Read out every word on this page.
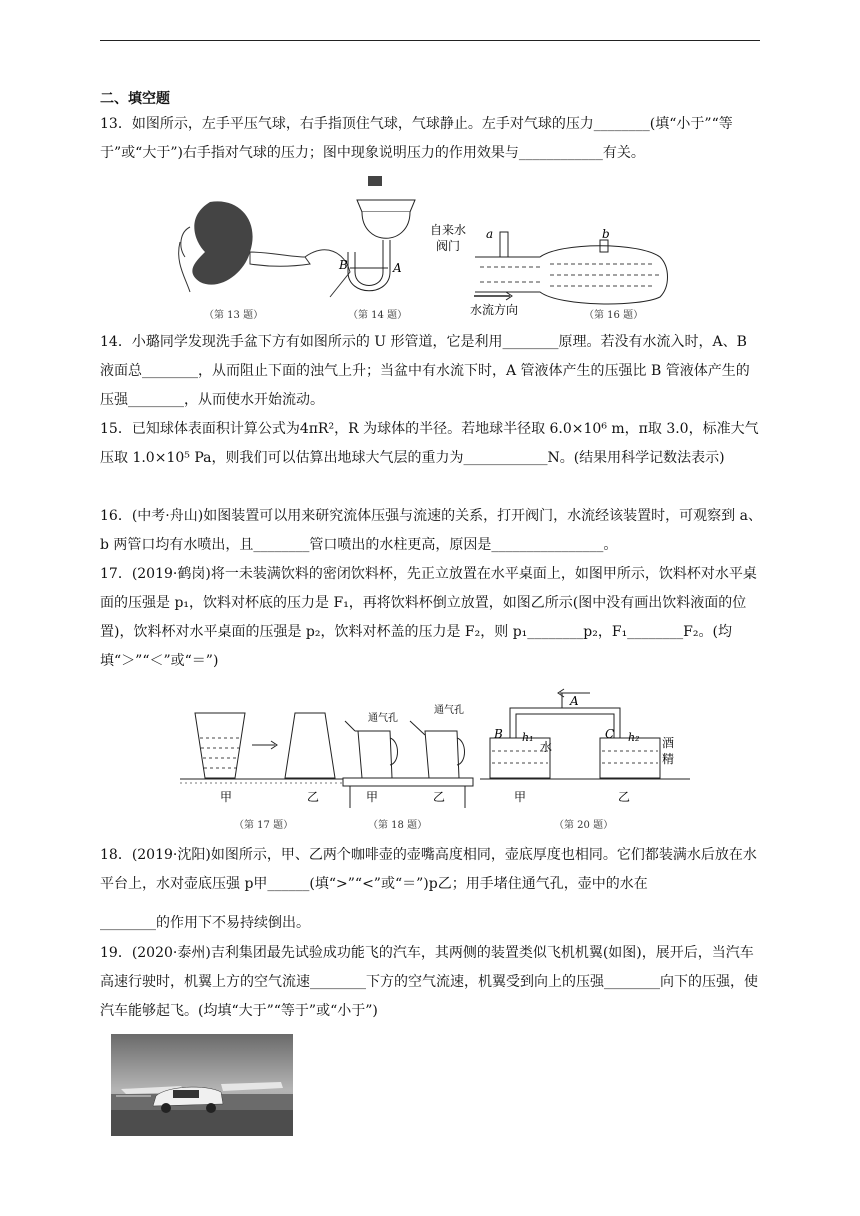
二、填空题
13．如图所示，左手平压气球，右手指顶住气球，气球静止。左手对气球的压力________(填“小于”“等于”或“大于”)右手指对气球的压力；图中现象说明压力的作用效果与____________有关。
B	A
自来水
阀门
a	b
水流方向
（第 13 题）	（第 14 题）	（第 16 题）
14．小璐同学发现洗手盆下方有如图所示的 U 形管道，它是利用________原理。若没有水流入时，A、B 液面总________，从而阻止下面的浊气上升；当盆中有水流下时，A 管液体产生的压强比 B 管液体产生的压强________，从而使水开始流动。
15．已知球体表面积计算公式为4πR²，R 为球体的半径。若地球半径取 6.0×10⁶ m，π取 3.0，标准大气压取 1.0×10⁵ Pa，则我们可以估算出地球大气层的重力为____________N。(结果用科学记数法表示)
16．(中考·舟山)如图装置可以用来研究流体压强与流速的关系，打开阀门，水流经该装置时，可观察到 a、b 两管口均有水喷出，且________管口喷出的水柱更高，原因是________________。
17．(2019·鹤岗)将一未装满饮料的密闭饮料杯，先正立放置在水平桌面上，如图甲所示，饮料杯对水平桌面的压强是 p₁，饮料对杯底的压力是 F₁，再将饮料杯倒立放置，如图乙所示(图中没有画出饮料液面的位置)，饮料杯对水平桌面的压强是 p₂，饮料对杯盖的压力是 F₂，则 p₁________p₂，F₁________F₂。(均填“＞”“＜”或“＝”)
甲	乙
通气孔
通气孔
甲	乙
A
B	C
h₁	h₂
水	酒
精
甲	乙
（第 17 题）	（第 18 题）	（第 20 题）
18．(2019·沈阳)如图所示，甲、乙两个咖啡壶的壶嘴高度相同，壶底厚度也相同。它们都装满水后放在水平台上，水对壶底压强 p甲______(填“>”“<”或“＝”)p乙；用手堵住通气孔，壶中的水在
________的作用下不易持续倒出。
19．(2020·泰州)吉利集团最先试验成功能飞的汽车，其两侧的装置类似飞机机翼(如图)，展开后，当汽车高速行驶时，机翼上方的空气流速________下方的空气流速，机翼受到向上的压强________向下的压强，使汽车能够起飞。(均填“大于”“等于”或“小于”)
